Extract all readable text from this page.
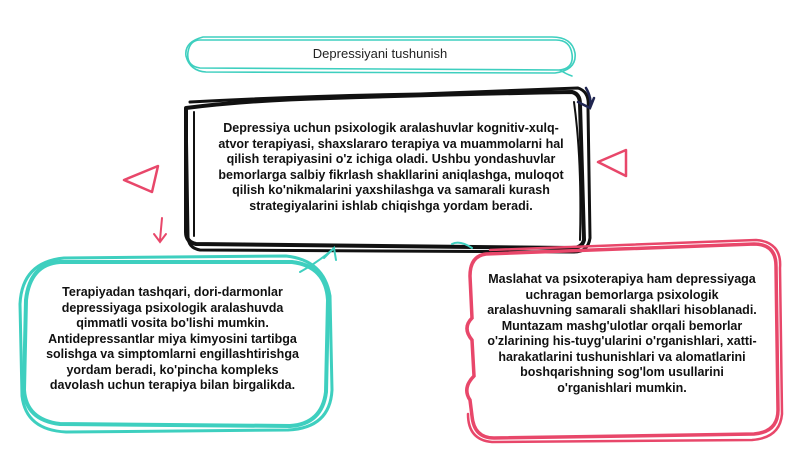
Depressiyani tushunish
Depressiya uchun psixologik aralashuvlar kognitiv-xulq-atvor terapiyasi, shaxslararo terapiya va muammolarni hal qilish terapiyasini o'z ichiga oladi. Ushbu yondashuvlar bemorlarga salbiy fikrlash shakllarini aniqlashga, muloqot qilish ko'nikmalarini yaxshilashga va samarali kurash strategiyalarini ishlab chiqishga yordam beradi.
Terapiyadan tashqari, dori-darmonlar depressiyaga psixologik aralashuvda qimmatli vosita bo'lishi mumkin. Antidepressantlar miya kimyosini tartibga solishga va simptomlarni engillashtirishga yordam beradi, ko'pincha kompleks davolash uchun terapiya bilan birgalikda.
Maslahat va psixoterapiya ham depressiyaga uchragan bemorlarga psixologik aralashuvning samarali shakllari hisoblanadi. Muntazam mashg'ulotlar orqali bemorlar o'zlarining his-tuyg'ularini o'rganishlari, xatti-harakatlarini tushunishlari va alomatlarini boshqarishning sog'lom usullarini o'rganishlari mumkin.
